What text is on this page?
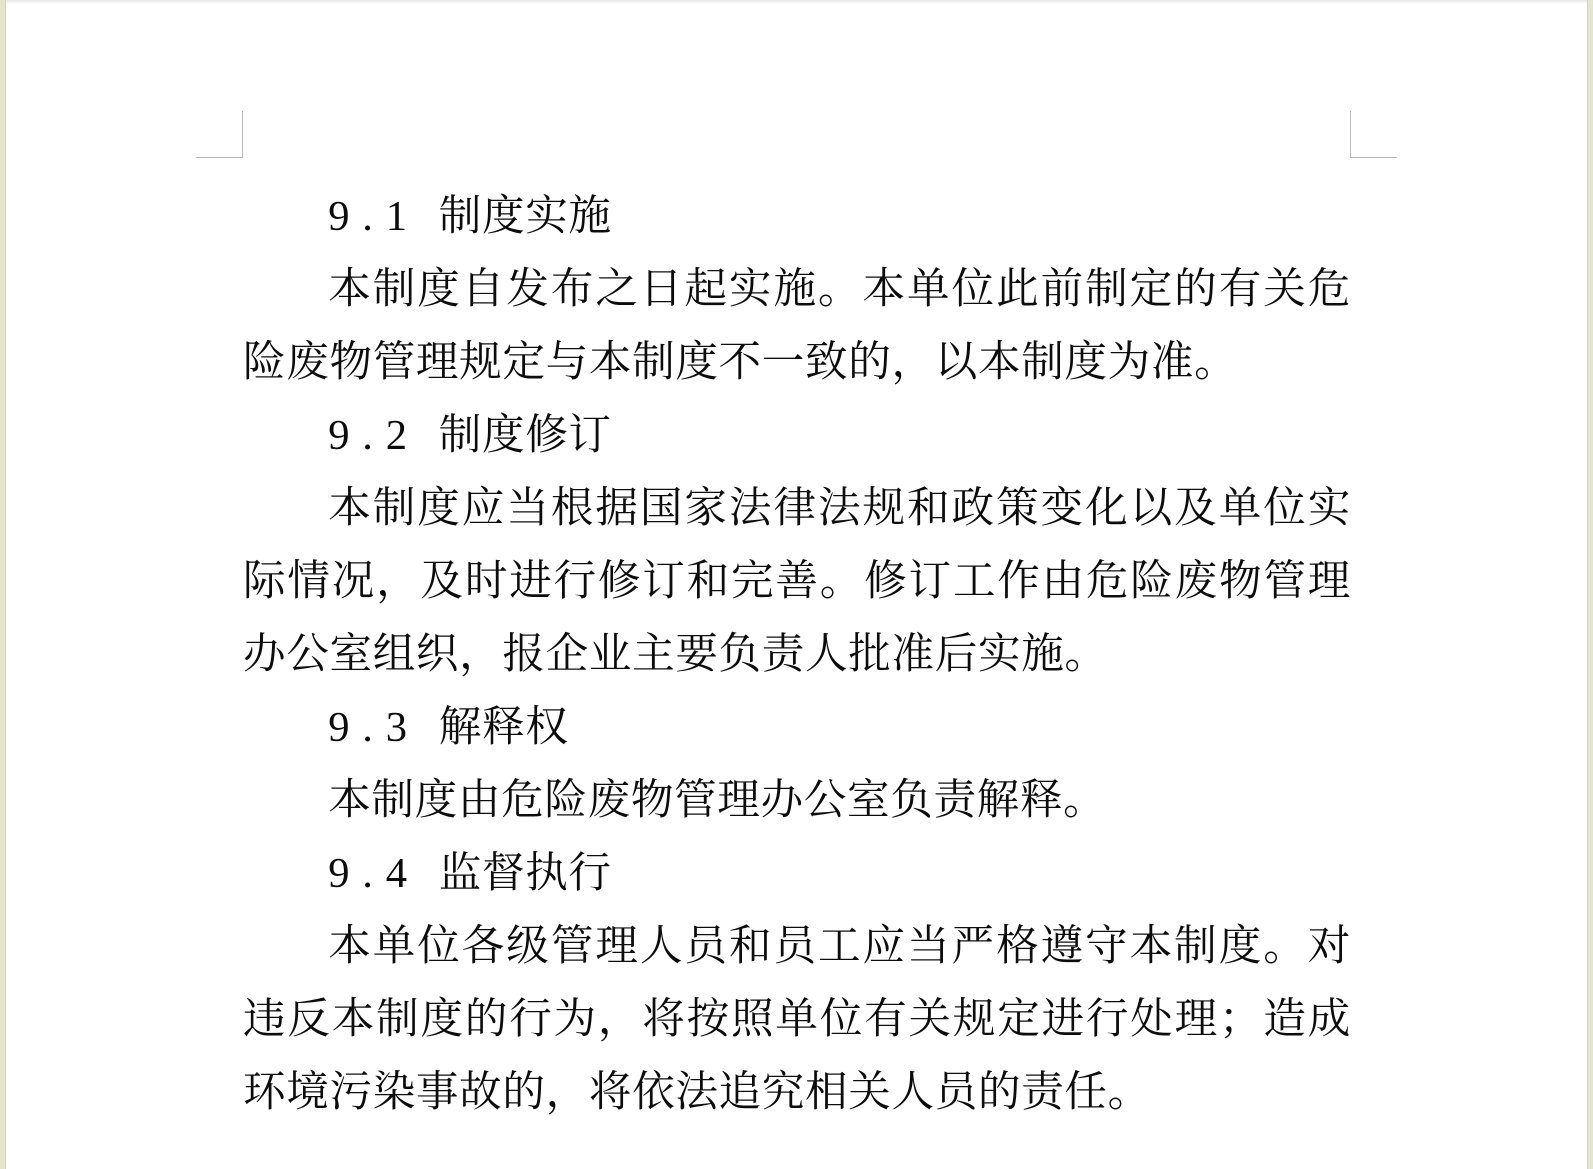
9.1 制度实施

本制度自发布之日起实施。本单位此前制定的有关危险废物管理规定与本制度不一致的，以本制度为准。

9.2 制度修订

本制度应当根据国家法律法规和政策变化以及单位实际情况，及时进行修订和完善。修订工作由危险废物管理办公室组织，报企业主要负责人批准后实施。

9.3 解释权

本制度由危险废物管理办公室负责解释。

9.4 监督执行

本单位各级管理人员和员工应当严格遵守本制度。对违反本制度的行为，将按照单位有关规定进行处理；造成环境污染事故的，将依法追究相关人员的责任。
